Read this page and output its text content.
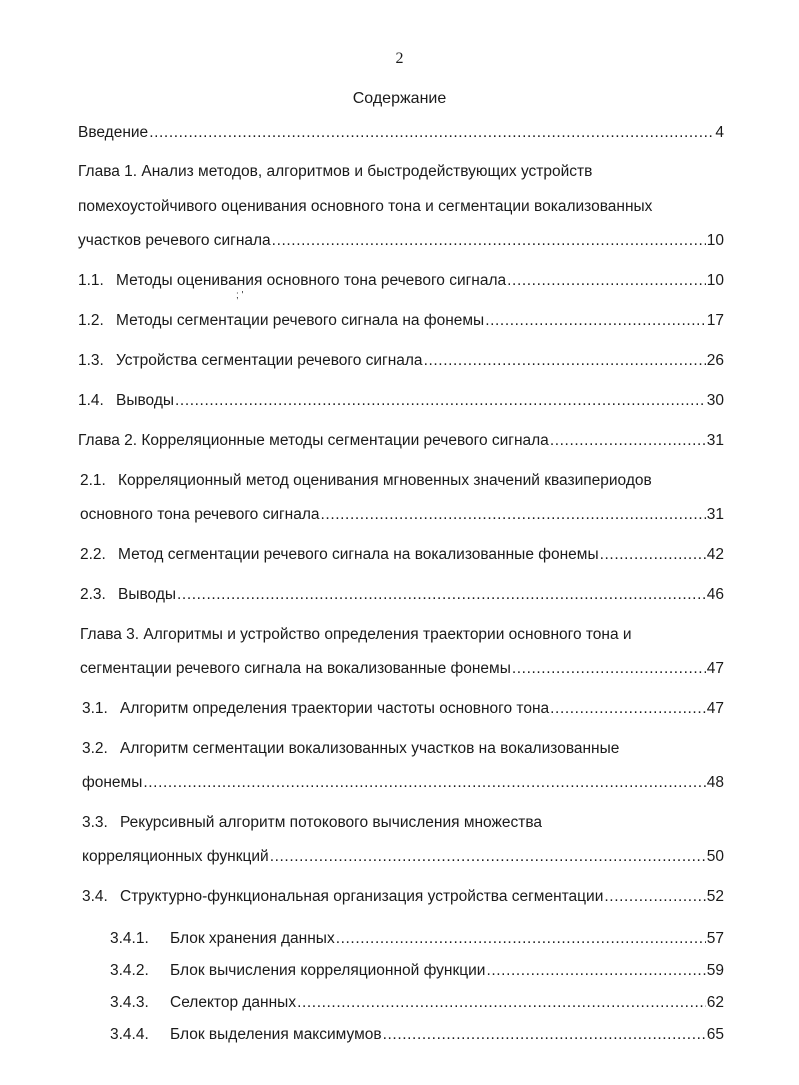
2
Содержание
Введение .....	4
Глава 1. Анализ методов, алгоритмов и быстродействующих устройств
помехоустойчивого оценивания основного тона и сегментации вокализованных
участков речевого сигнала .....	10
1.1. Методы оценивания основного тона речевого сигнала .....	10
; '
1.2. Методы сегментации речевого сигнала на фонемы .....	17
1.3. Устройства сегментации речевого сигнала .....	26
1.4. Выводы .....	30
Глава 2. Корреляционные методы сегментации речевого сигнала .....	31
2.1. Корреляционный метод оценивания мгновенных значений квазипериодов
основного тона речевого сигнала .....	31
2.2. Метод сегментации речевого сигнала на вокализованные фонемы .....	42
2.3. Выводы .....	46
Глава 3. Алгоритмы и устройство определения траектории основного тона и
сегментации речевого сигнала на вокализованные фонемы .....	47
3.1. Алгоритм определения траектории частоты основного тона .....	47
3.2. Алгоритм сегментации вокализованных участков на вокализованные
фонемы .....	48
3.3. Рекурсивный алгоритм потокового вычисления множества
корреляционных функций .....	50
3.4. Структурно-функциональная организация устройства сегментации .....	52
3.4.1.	Блок хранения данных .....	57
3.4.2.	Блок вычисления корреляционной функции .....	59
3.4.3.	Селектор данных .....	62
3.4.4.	Блок выделения максимумов .....	65
